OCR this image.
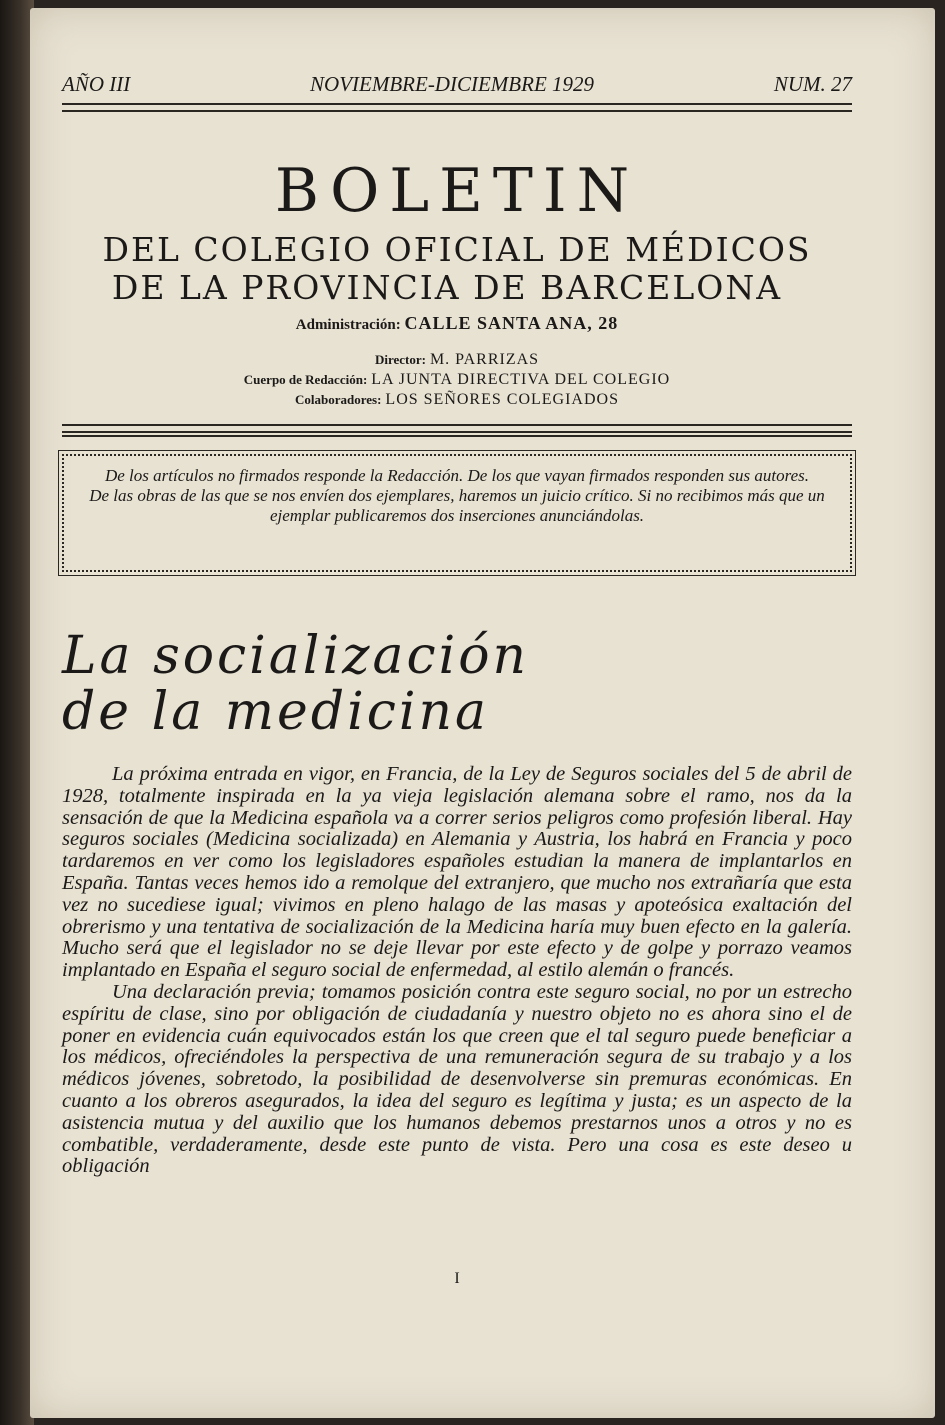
AÑO III	NOVIEMBRE-DICIEMBRE 1929	NUM. 27
BOLETIN
DEL COLEGIO OFICIAL DE MÉDICOS
DE LA PROVINCIA DE BARCELONA
Administración: CALLE SANTA ANA, 28
Director: M. PARRIZAS
Cuerpo de Redacción: LA JUNTA DIRECTIVA DEL COLEGIO
Colaboradores: LOS SEÑORES COLEGIADOS

De los artículos no firmados responde la Redacción. De los que vayan firmados responden sus autores.

De las obras de las que se nos envíen dos ejemplares, haremos un juicio crítico. Si no recibimos más que un ejemplar publicaremos dos inserciones anunciándolas.

La socialización
de la medicina

La próxima entrada en vigor, en Francia, de la Ley de Seguros sociales del 5 de abril de 1928, totalmente inspirada en la ya vieja legislación alemana sobre el ramo, nos da la sensación de que la Medicina española va a correr serios peligros como profesión liberal. Hay seguros sociales (Medicina socializada) en Alemania y Austria, los habrá en Francia y poco tardaremos en ver como los legisladores españoles estudian la manera de implantarlos en España. Tantas veces hemos ido a remolque del extranjero, que mucho nos extrañaría que esta vez no sucediese igual; vivimos en pleno halago de las masas y apoteósica exaltación del obrerismo y una tentativa de socialización de la Medicina haría muy buen efecto en la galería. Mucho será que el legislador no se deje llevar por este efecto y de golpe y porrazo veamos implantado en España el seguro social de enfermedad, al estilo alemán o francés.

Una declaración previa; tomamos posición contra este seguro social, no por un estrecho espíritu de clase, sino por obligación de ciudadanía y nuestro objeto no es ahora sino el de poner en evidencia cuán equivocados están los que creen que el tal seguro puede beneficiar a los médicos, ofreciéndoles la perspectiva de una remuneración segura de su trabajo y a los médicos jóvenes, sobretodo, la posibilidad de desenvolverse sin premuras económicas. En cuanto a los obreros asegurados, la idea del seguro es legítima y justa; es un aspecto de la asistencia mutua y del auxilio que los humanos debemos prestarnos unos a otros y no es combatible, verdaderamente, desde este punto de vista. Pero una cosa es este deseo u obligación

I
